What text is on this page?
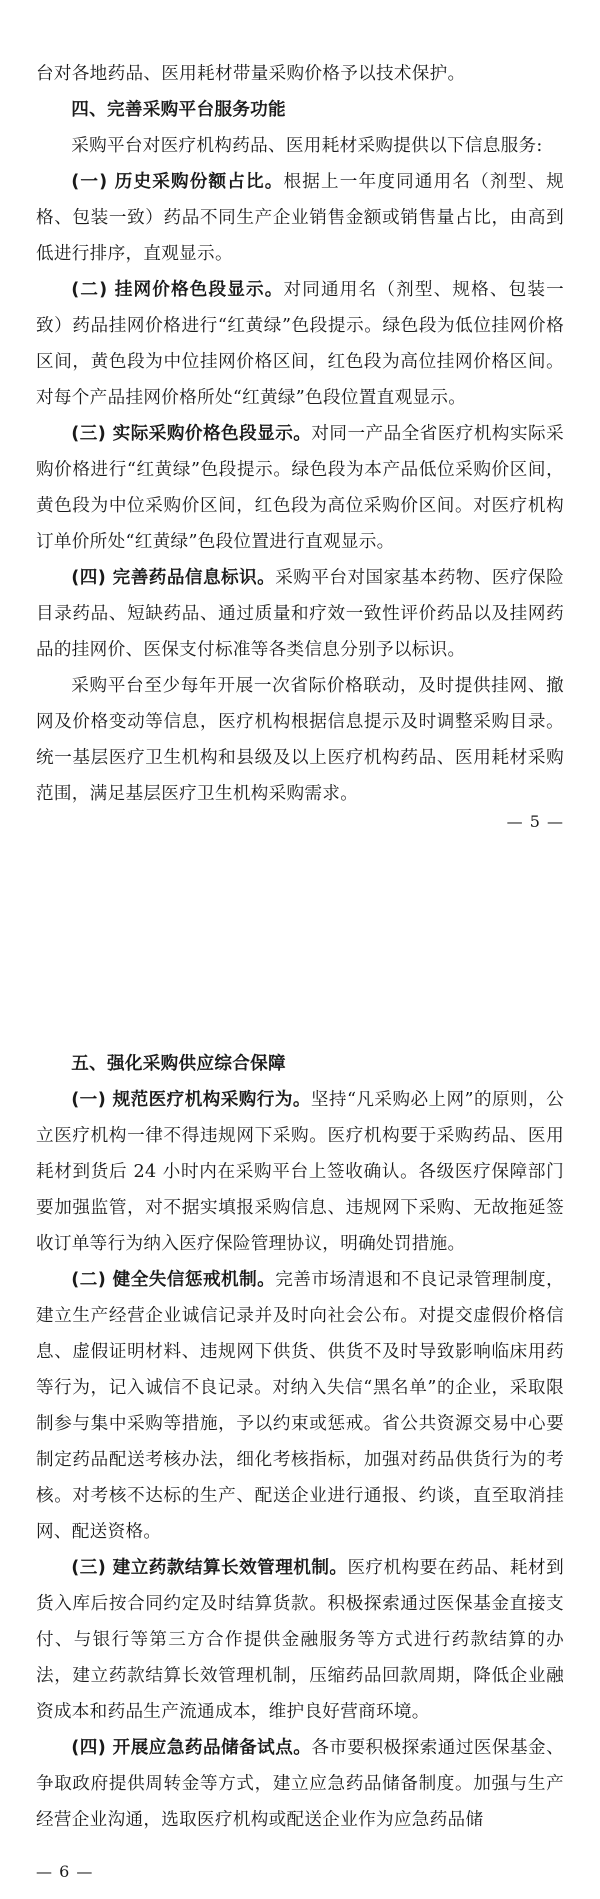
台对各地药品、医用耗材带量采购价格予以技术保护。

四、完善采购平台服务功能

采购平台对医疗机构药品、医用耗材采购提供以下信息服务:

(一) 历史采购份额占比。根据上一年度同通用名（剂型、规格、包装一致）药品不同生产企业销售金额或销售量占比，由高到低进行排序，直观显示。

(二) 挂网价格色段显示。对同通用名（剂型、规格、包装一致）药品挂网价格进行“红黄绿”色段提示。绿色段为低位挂网价格区间，黄色段为中位挂网价格区间，红色段为高位挂网价格区间。对每个产品挂网价格所处“红黄绿”色段位置直观显示。

(三) 实际采购价格色段显示。对同一产品全省医疗机构实际采购价格进行“红黄绿”色段提示。绿色段为本产品低位采购价区间，黄色段为中位采购价区间，红色段为高位采购价区间。对医疗机构订单价所处“红黄绿”色段位置进行直观显示。

(四) 完善药品信息标识。采购平台对国家基本药物、医疗保险目录药品、短缺药品、通过质量和疗效一致性评价药品以及挂网药品的挂网价、医保支付标准等各类信息分别予以标识。

采购平台至少每年开展一次省际价格联动，及时提供挂网、撤网及价格变动等信息，医疗机构根据信息提示及时调整采购目录。统一基层医疗卫生机构和县级及以上医疗机构药品、医用耗材采购范围，满足基层医疗卫生机构采购需求。

— 5 —

五、强化采购供应综合保障

(一) 规范医疗机构采购行为。坚持“凡采购必上网”的原则，公立医疗机构一律不得违规网下采购。医疗机构要于采购药品、医用耗材到货后 24 小时内在采购平台上签收确认。各级医疗保障部门要加强监管，对不据实填报采购信息、违规网下采购、无故拖延签收订单等行为纳入医疗保险管理协议，明确处罚措施。

(二) 健全失信惩戒机制。完善市场清退和不良记录管理制度，建立生产经营企业诚信记录并及时向社会公布。对提交虚假价格信息、虚假证明材料、违规网下供货、供货不及时导致影响临床用药等行为，记入诚信不良记录。对纳入失信“黑名单”的企业，采取限制参与集中采购等措施，予以约束或惩戒。省公共资源交易中心要制定药品配送考核办法，细化考核指标，加强对药品供货行为的考核。对考核不达标的生产、配送企业进行通报、约谈，直至取消挂网、配送资格。

(三) 建立药款结算长效管理机制。医疗机构要在药品、耗材到货入库后按合同约定及时结算货款。积极探索通过医保基金直接支付、与银行等第三方合作提供金融服务等方式进行药款结算的办法，建立药款结算长效管理机制，压缩药品回款周期，降低企业融资成本和药品生产流通成本，维护良好营商环境。

(四) 开展应急药品储备试点。各市要积极探索通过医保基金、争取政府提供周转金等方式，建立应急药品储备制度。加强与生产经营企业沟通，选取医疗机构或配送企业作为应急药品储

— 6 —
